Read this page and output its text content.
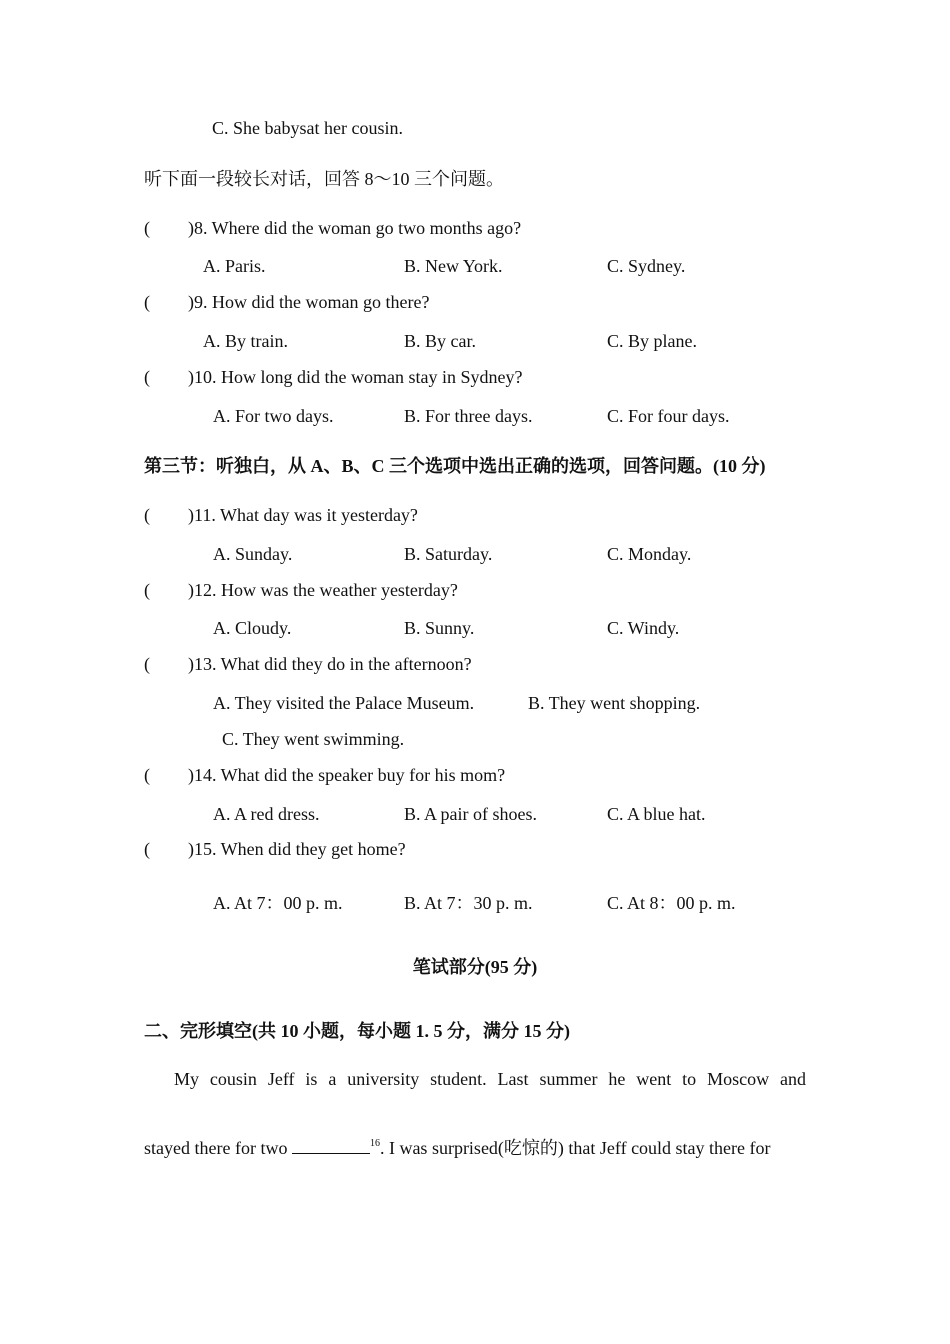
C. She babysat her cousin.
听下面一段较长对话，回答 8～10 三个问题。
( )8. Where did the woman go two months ago?
A. Paris.	B. New York.	C. Sydney.
( )9. How did the woman go there?
A. By train.	B. By car.	C. By plane.
( )10. How long did the woman stay in Sydney?
A. For two days.	B. For three days.	C. For four days.
第三节：听独白，从 A、B、C 三个选项中选出正确的选项，回答问题。(10 分)
( )11. What day was it yesterday?
A. Sunday.	B. Saturday.	C. Monday.
( )12. How was the weather yesterday?
A. Cloudy.	B. Sunny.	C. Windy.
( )13. What did they do in the afternoon?
A. They visited the Palace Museum.	B. They went shopping.
C. They went swimming.
( )14. What did the speaker buy for his mom?
A. A red dress.	B. A pair of shoes.	C. A blue hat.
( )15. When did they get home?
A. At 7：00 p. m.	B. At 7：30 p. m.	C. At 8：00 p. m.
笔试部分(95 分)
二、完形填空(共 10 小题，每小题 1. 5 分，满分 15 分)
My cousin Jeff is a university student. Last summer he went to Moscow and
stayed there for two	$^{16}$. I was surprised(吃惊的) that Jeff could stay there for
